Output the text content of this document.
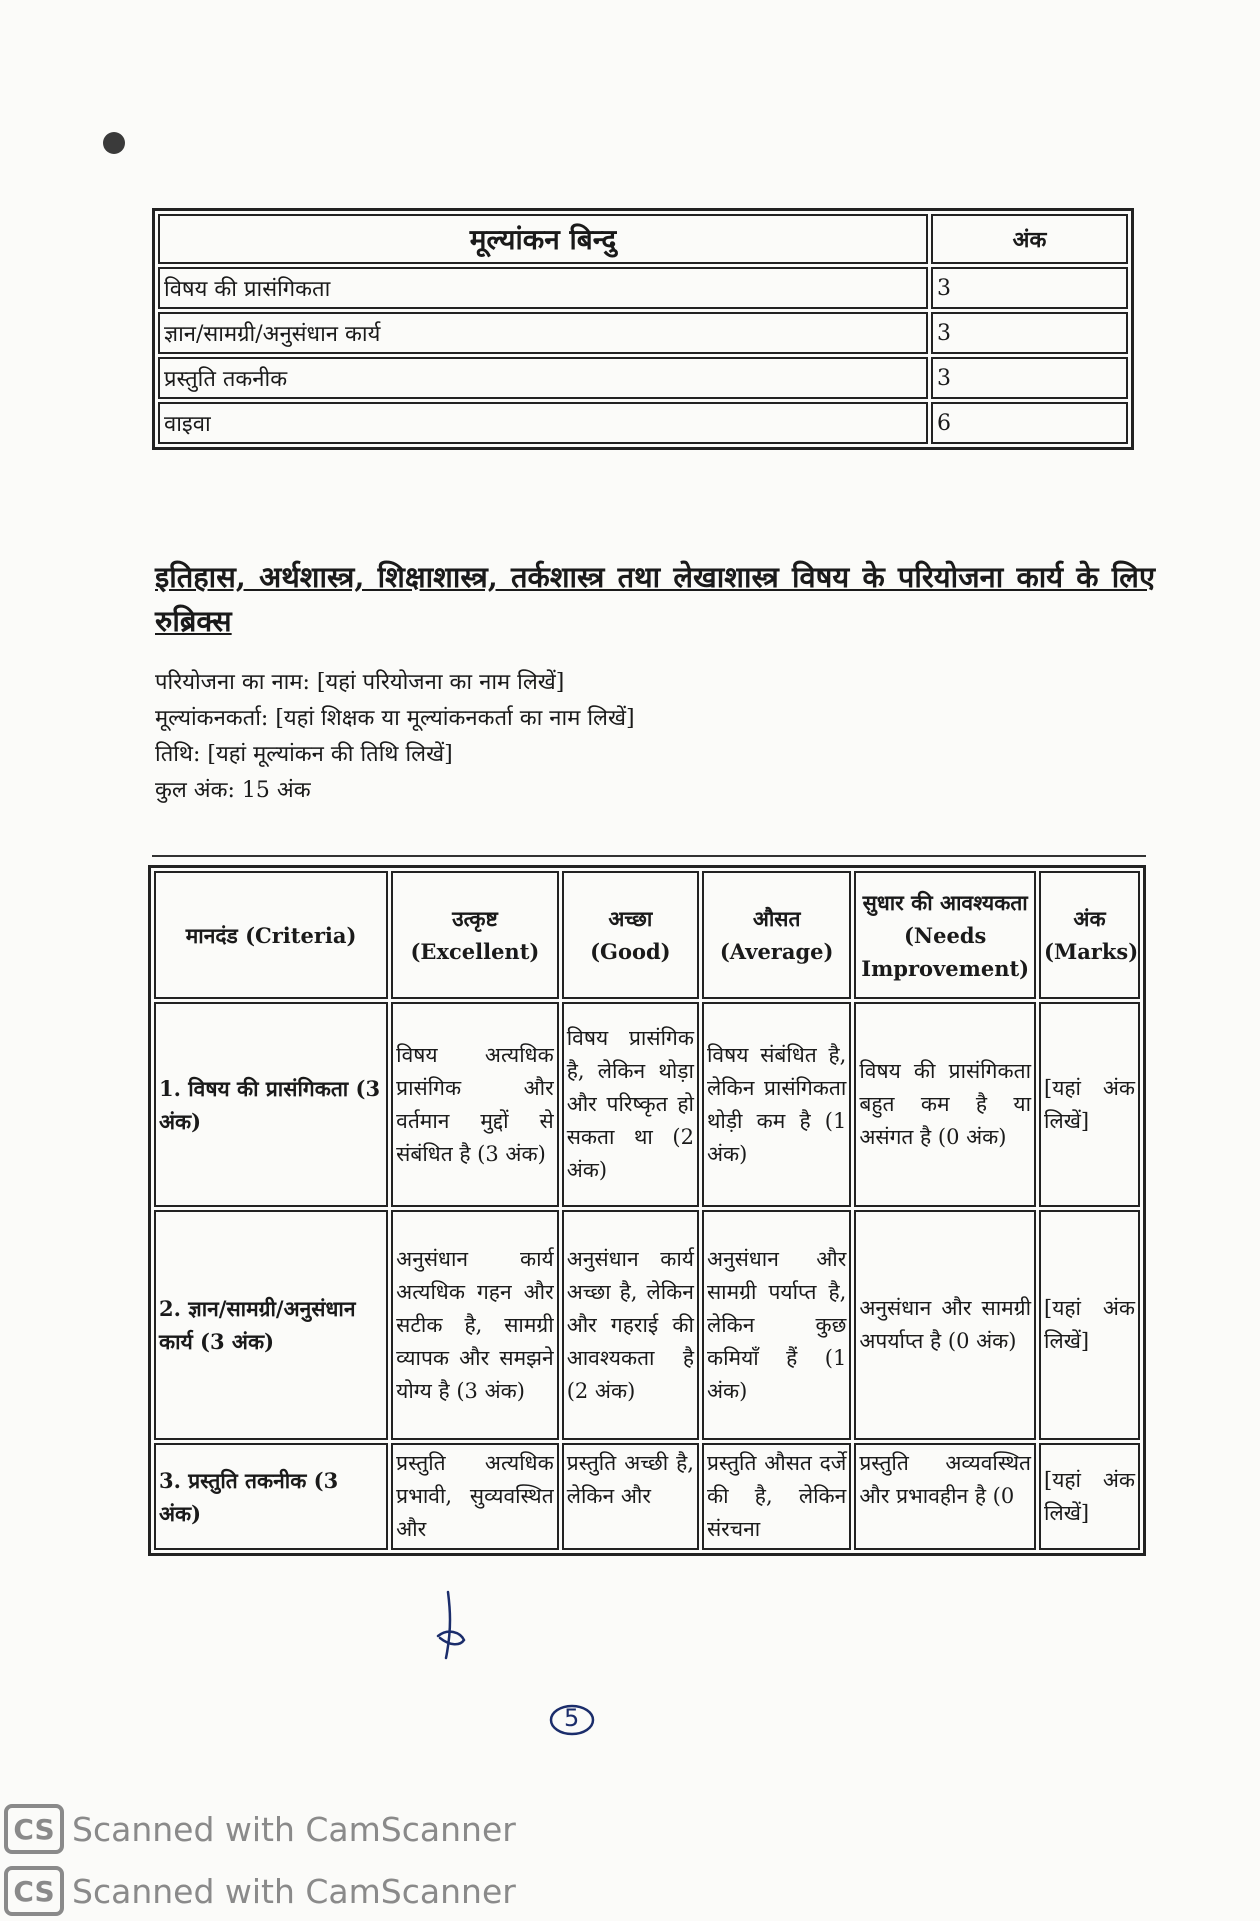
मूल्यांकन बिन्दु	अंक
विषय की प्रासंगिकता	3
ज्ञान/सामग्री/अनुसंधान कार्य	3
प्रस्तुति तकनीक	3
वाइवा	6
इतिहास, अर्थशास्त्र, शिक्षाशास्त्र, तर्कशास्त्र तथा लेखाशास्त्र विषय के परियोजना कार्य के लिए रुब्रिक्स
परियोजना का नाम: [यहां परियोजना का नाम लिखें]
मूल्यांकनकर्ता: [यहां शिक्षक या मूल्यांकनकर्ता का नाम लिखें]
तिथि: [यहां मूल्यांकन की तिथि लिखें]
कुल अंक: 15 अंक
मानदंड (Criteria)	उत्कृष्ट (Excellent)	अच्छा (Good)	औसत (Average)	सुधार की आवश्यकता (Needs Improvement)	अंक (Marks)
1. विषय की प्रासंगिकता (3 अंक)	विषय अत्यधिक प्रासंगिक और वर्तमान मुद्दों से संबंधित है (3 अंक)	विषय प्रासंगिक है, लेकिन थोड़ा और परिष्कृत हो सकता था (2 अंक)	विषय संबंधित है, लेकिन प्रासंगिकता थोड़ी कम है (1 अंक)	विषय की प्रासंगिकता बहुत कम है या असंगत है (0 अंक)	[यहां अंक लिखें]
2. ज्ञान/सामग्री/अनुसंधान कार्य (3 अंक)	अनुसंधान कार्य अत्यधिक गहन और सटीक है, सामग्री व्यापक और समझने योग्य है (3 अंक)	अनुसंधान कार्य अच्छा है, लेकिन और गहराई की आवश्यकता है (2 अंक)	अनुसंधान और सामग्री पर्याप्त है, लेकिन कुछ कमियाँ हैं (1 अंक)	अनुसंधान और सामग्री अपर्याप्त है (0 अंक)	[यहां अंक लिखें]
3. प्रस्तुति तकनीक (3 अंक)	प्रस्तुति अत्यधिक प्रभावी, सुव्यवस्थित और	प्रस्तुति अच्छी है, लेकिन और	प्रस्तुति औसत दर्जे की है, लेकिन संरचना	प्रस्तुति अव्यवस्थित और प्रभावहीन है (0	[यहां अंक लिखें]
5
CS Scanned with CamScanner
CS Scanned with CamScanner
